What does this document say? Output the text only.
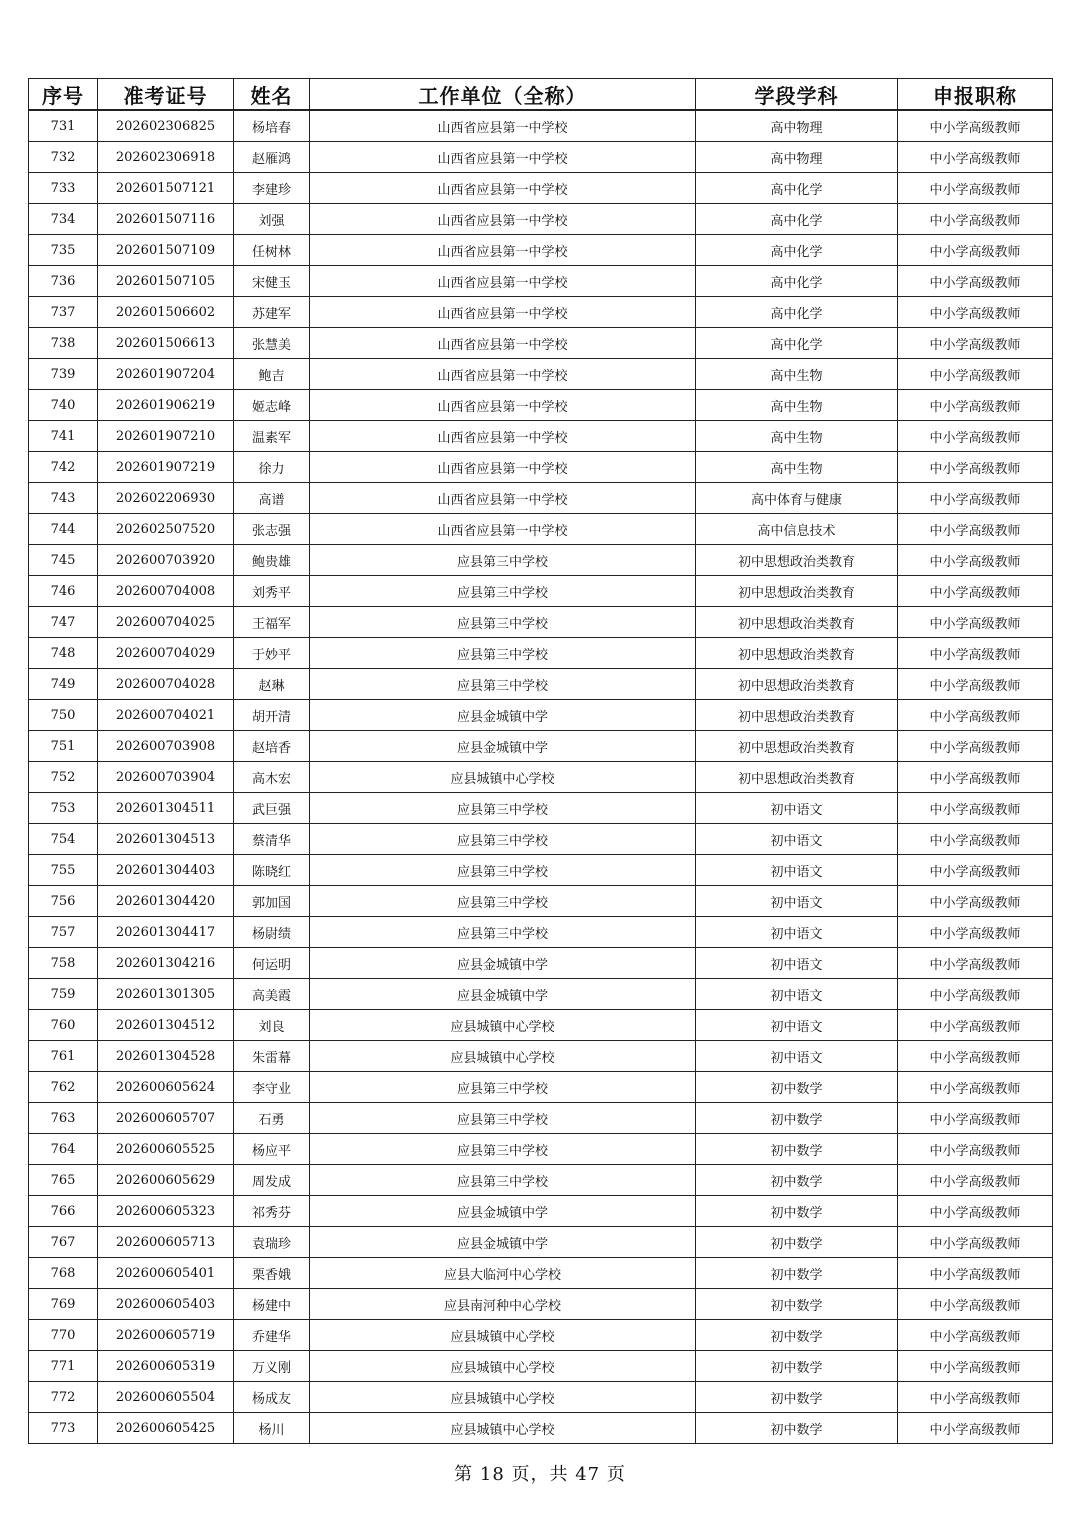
序号	准考证号	姓名	工作单位（全称）	学段学科	申报职称
731	202602306825	杨培春	山西省应县第一中学校	高中物理	中小学高级教师
732	202602306918	赵雁鸿	山西省应县第一中学校	高中物理	中小学高级教师
733	202601507121	李建珍	山西省应县第一中学校	高中化学	中小学高级教师
734	202601507116	刘强	山西省应县第一中学校	高中化学	中小学高级教师
735	202601507109	任树林	山西省应县第一中学校	高中化学	中小学高级教师
736	202601507105	宋健玉	山西省应县第一中学校	高中化学	中小学高级教师
737	202601506602	苏建军	山西省应县第一中学校	高中化学	中小学高级教师
738	202601506613	张慧美	山西省应县第一中学校	高中化学	中小学高级教师
739	202601907204	鲍吉	山西省应县第一中学校	高中生物	中小学高级教师
740	202601906219	姬志峰	山西省应县第一中学校	高中生物	中小学高级教师
741	202601907210	温素军	山西省应县第一中学校	高中生物	中小学高级教师
742	202601907219	徐力	山西省应县第一中学校	高中生物	中小学高级教师
743	202602206930	高谱	山西省应县第一中学校	高中体育与健康	中小学高级教师
744	202602507520	张志强	山西省应县第一中学校	高中信息技术	中小学高级教师
745	202600703920	鲍贵雄	应县第三中学校	初中思想政治类教育	中小学高级教师
746	202600704008	刘秀平	应县第三中学校	初中思想政治类教育	中小学高级教师
747	202600704025	王福军	应县第三中学校	初中思想政治类教育	中小学高级教师
748	202600704029	于妙平	应县第三中学校	初中思想政治类教育	中小学高级教师
749	202600704028	赵琳	应县第三中学校	初中思想政治类教育	中小学高级教师
750	202600704021	胡开清	应县金城镇中学	初中思想政治类教育	中小学高级教师
751	202600703908	赵培香	应县金城镇中学	初中思想政治类教育	中小学高级教师
752	202600703904	高木宏	应县城镇中心学校	初中思想政治类教育	中小学高级教师
753	202601304511	武巨强	应县第三中学校	初中语文	中小学高级教师
754	202601304513	蔡清华	应县第三中学校	初中语文	中小学高级教师
755	202601304403	陈晓红	应县第三中学校	初中语文	中小学高级教师
756	202601304420	郭加国	应县第三中学校	初中语文	中小学高级教师
757	202601304417	杨尉绩	应县第三中学校	初中语文	中小学高级教师
758	202601304216	何运明	应县金城镇中学	初中语文	中小学高级教师
759	202601301305	高美霞	应县金城镇中学	初中语文	中小学高级教师
760	202601304512	刘良	应县城镇中心学校	初中语文	中小学高级教师
761	202601304528	朱雷幕	应县城镇中心学校	初中语文	中小学高级教师
762	202600605624	李守业	应县第三中学校	初中数学	中小学高级教师
763	202600605707	石勇	应县第三中学校	初中数学	中小学高级教师
764	202600605525	杨应平	应县第三中学校	初中数学	中小学高级教师
765	202600605629	周发成	应县第三中学校	初中数学	中小学高级教师
766	202600605323	祁秀芬	应县金城镇中学	初中数学	中小学高级教师
767	202600605713	袁瑞珍	应县金城镇中学	初中数学	中小学高级教师
768	202600605401	栗香娥	应县大临河中心学校	初中数学	中小学高级教师
769	202600605403	杨建中	应县南河种中心学校	初中数学	中小学高级教师
770	202600605719	乔建华	应县城镇中心学校	初中数学	中小学高级教师
771	202600605319	万义刚	应县城镇中心学校	初中数学	中小学高级教师
772	202600605504	杨成友	应县城镇中心学校	初中数学	中小学高级教师
773	202600605425	杨川	应县城镇中心学校	初中数学	中小学高级教师
第 18 页，共 47 页
